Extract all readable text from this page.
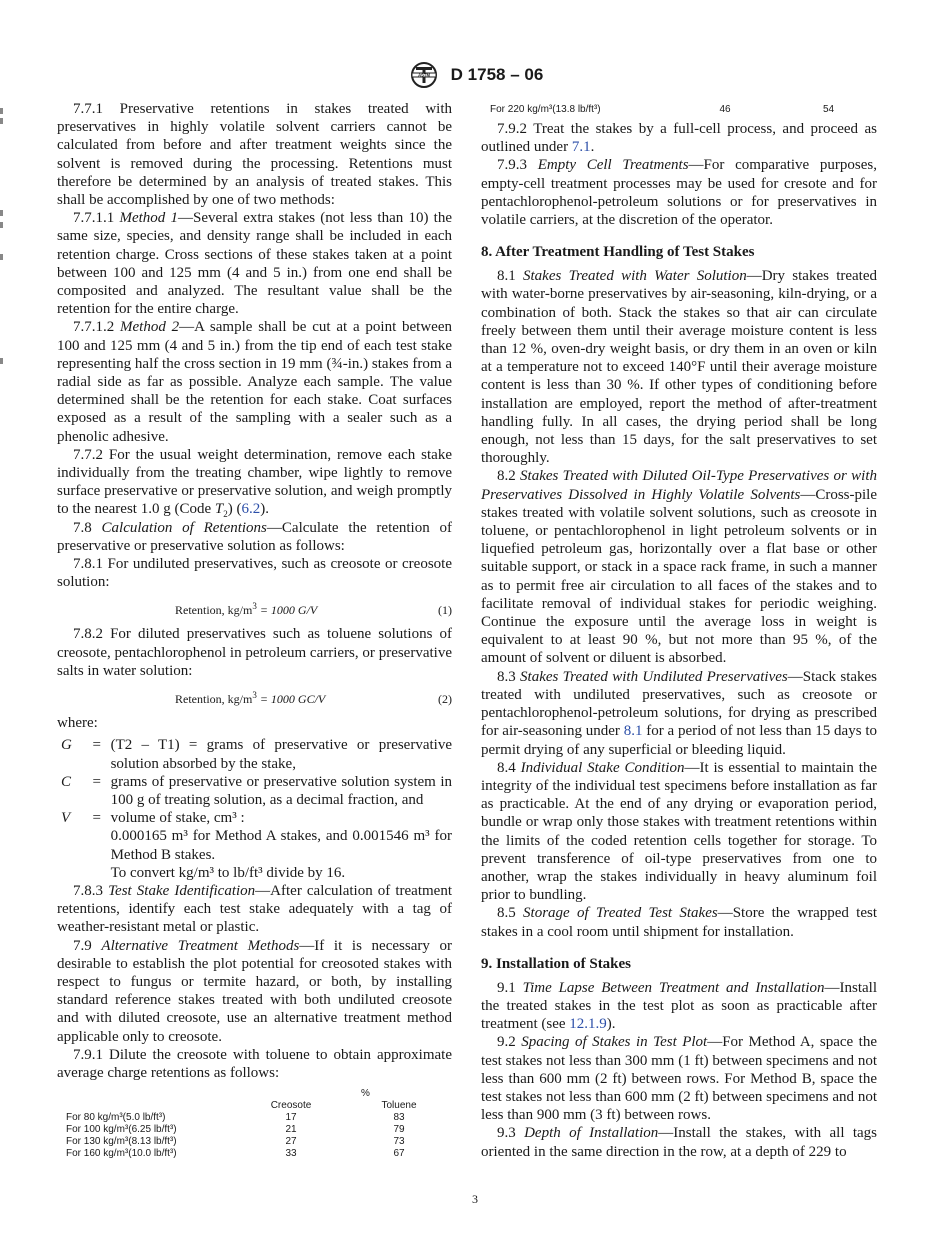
ASTM D 1758 – 06

7.7.1 Preservative retentions in stakes treated with preservatives in highly volatile solvent carriers cannot be calculated from before and after treatment weights since the solvent is removed during the processing. Retentions must therefore be determined by an analysis of treated stakes. This shall be accomplished by one of two methods:

7.7.1.1 Method 1—Several extra stakes (not less than 10) the same size, species, and density range shall be included in each retention charge. Cross sections of these stakes taken at a point between 100 and 125 mm (4 and 5 in.) from one end shall be composited and analyzed. The resultant value shall be the retention for the entire charge.

7.7.1.2 Method 2—A sample shall be cut at a point between 100 and 125 mm (4 and 5 in.) from the tip end of each test stake representing half the cross section in 19 mm (¾-in.) stakes from a radial side as far as possible. Analyze each sample. The value determined shall be the retention for each stake. Coat surfaces exposed as a result of the sampling with a sealer such as a phenolic adhesive.

7.7.2 For the usual weight determination, remove each stake individually from the treating chamber, wipe lightly to remove surface preservative or preservative solution, and weigh promptly to the nearest 1.0 g (Code $T_2$) (6.2).

7.8 Calculation of Retentions—Calculate the retention of preservative or preservative solution as follows:

7.8.1 For undiluted preservatives, such as creosote or creosote solution:

Retention, $kg/m^3 = 1000$ G/V	(1)

7.8.2 For diluted preservatives such as toluene solutions of creosote, pentachlorophenol in petroleum carriers, or preservative salts in water solution:

Retention, $kg/m^3 = 1000$ GC/V	(2)

where:

G	=	(T2 – T1) = grams of preservative or preservative solution absorbed by the stake,
C	=	grams of preservative or preservative solution system in 100 g of treating solution, as a decimal fraction, and
V	=	volume of stake, cm³ :
0.000165 m³ for Method A stakes, and 0.001546 m³ for Method B stakes.
To convert kg/m³ to lb/ft³ divide by 16.

7.8.3 Test Stake Identification—After calculation of treatment retentions, identify each test stake adequately with a tag of weather-resistant metal or plastic.

7.9 Alternative Treatment Methods—If it is necessary or desirable to establish the plot potential for creosoted stakes with respect to fungus or termite hazard, or both, by installing standard reference stakes treated with both undiluted creosote and with diluted creosote, use an alternative treatment method applicable only to creosote.

7.9.1 Dilute the creosote with toluene to obtain approximate average charge retentions as follows:

	%	
	Creosote	Toluene
For 80 kg/m³(5.0 lb/ft³)	17	83
For 100 kg/m³(6.25 lb/ft³)	21	79
For 130 kg/m³(8.13 lb/ft³)	27	73
For 160 kg/m³(10.0 lb/ft³)	33	67
For 220 kg/m³(13.8 lb/ft³)	46	54

7.9.2 Treat the stakes by a full-cell process, and proceed as outlined under 7.1.

7.9.3 Empty Cell Treatments—For comparative purposes, empty-cell treatment processes may be used for cresote and for pentachlorophenol-petroleum solutions or for preservatives in volatile carriers, at the discretion of the operator.

8. After Treatment Handling of Test Stakes

8.1 Stakes Treated with Water Solution—Dry stakes treated with water-borne preservatives by air-seasoning, kiln-drying, or a combination of both. Stack the stakes so that air can circulate freely between them until their average moisture content is less than 12 %, oven-dry weight basis, or dry them in an oven or kiln at a temperature not to exceed 140°F until their average moisture content is less than 30 %. If other types of conditioning before installation are employed, report the method of after-treatment handling fully. In all cases, the drying period shall be long enough, not less than 15 days, for the salt preservatives to set thoroughly.

8.2 Stakes Treated with Diluted Oil-Type Preservatives or with Preservatives Dissolved in Highly Volatile Solvents—Cross-pile stakes treated with volatile solvent solutions, such as creosote in toluene, or pentachlorophenol in light petroleum solvents or in liquefied petroleum gas, horizontally over a flat base or other suitable support, or stack in a space rack frame, in such a manner as to permit free air circulation to all faces of the stakes and to facilitate removal of individual stakes for periodic weighing. Continue the exposure until the average loss in weight is equivalent to at least 90 %, but not more than 95 %, of the amount of solvent or diluent is absorbed.

8.3 Stakes Treated with Undiluted Preservatives—Stack stakes treated with undiluted preservatives, such as creosote or pentachlorophenol-petroleum solutions, for drying as prescribed for air-seasoning under 8.1 for a period of not less than 15 days to permit drying of any superficial or bleeding liquid.

8.4 Individual Stake Condition—It is essential to maintain the integrity of the individual test specimens before installation as far as practicable. At the end of any drying or evaporation period, bundle or wrap only those stakes with treatment retentions within the limits of the coded retention cells together for storage. To prevent transference of oil-type preservatives from one to another, wrap the stakes individually in heavy aluminum foil prior to bundling.

8.5 Storage of Treated Test Stakes—Store the wrapped test stakes in a cool room until shipment for installation.

9. Installation of Stakes

9.1 Time Lapse Between Treatment and Installation—Install the treated stakes in the test plot as soon as practicable after treatment (see 12.1.9).

9.2 Spacing of Stakes in Test Plot—For Method A, space the test stakes not less than 300 mm (1 ft) between specimens and not less than 600 mm (2 ft) between rows. For Method B, space the test stakes not less than 600 mm (2 ft) between specimens and not less than 900 mm (3 ft) between rows.

9.3 Depth of Installation—Install the stakes, with all tags oriented in the same direction in the row, at a depth of 229 to

3
